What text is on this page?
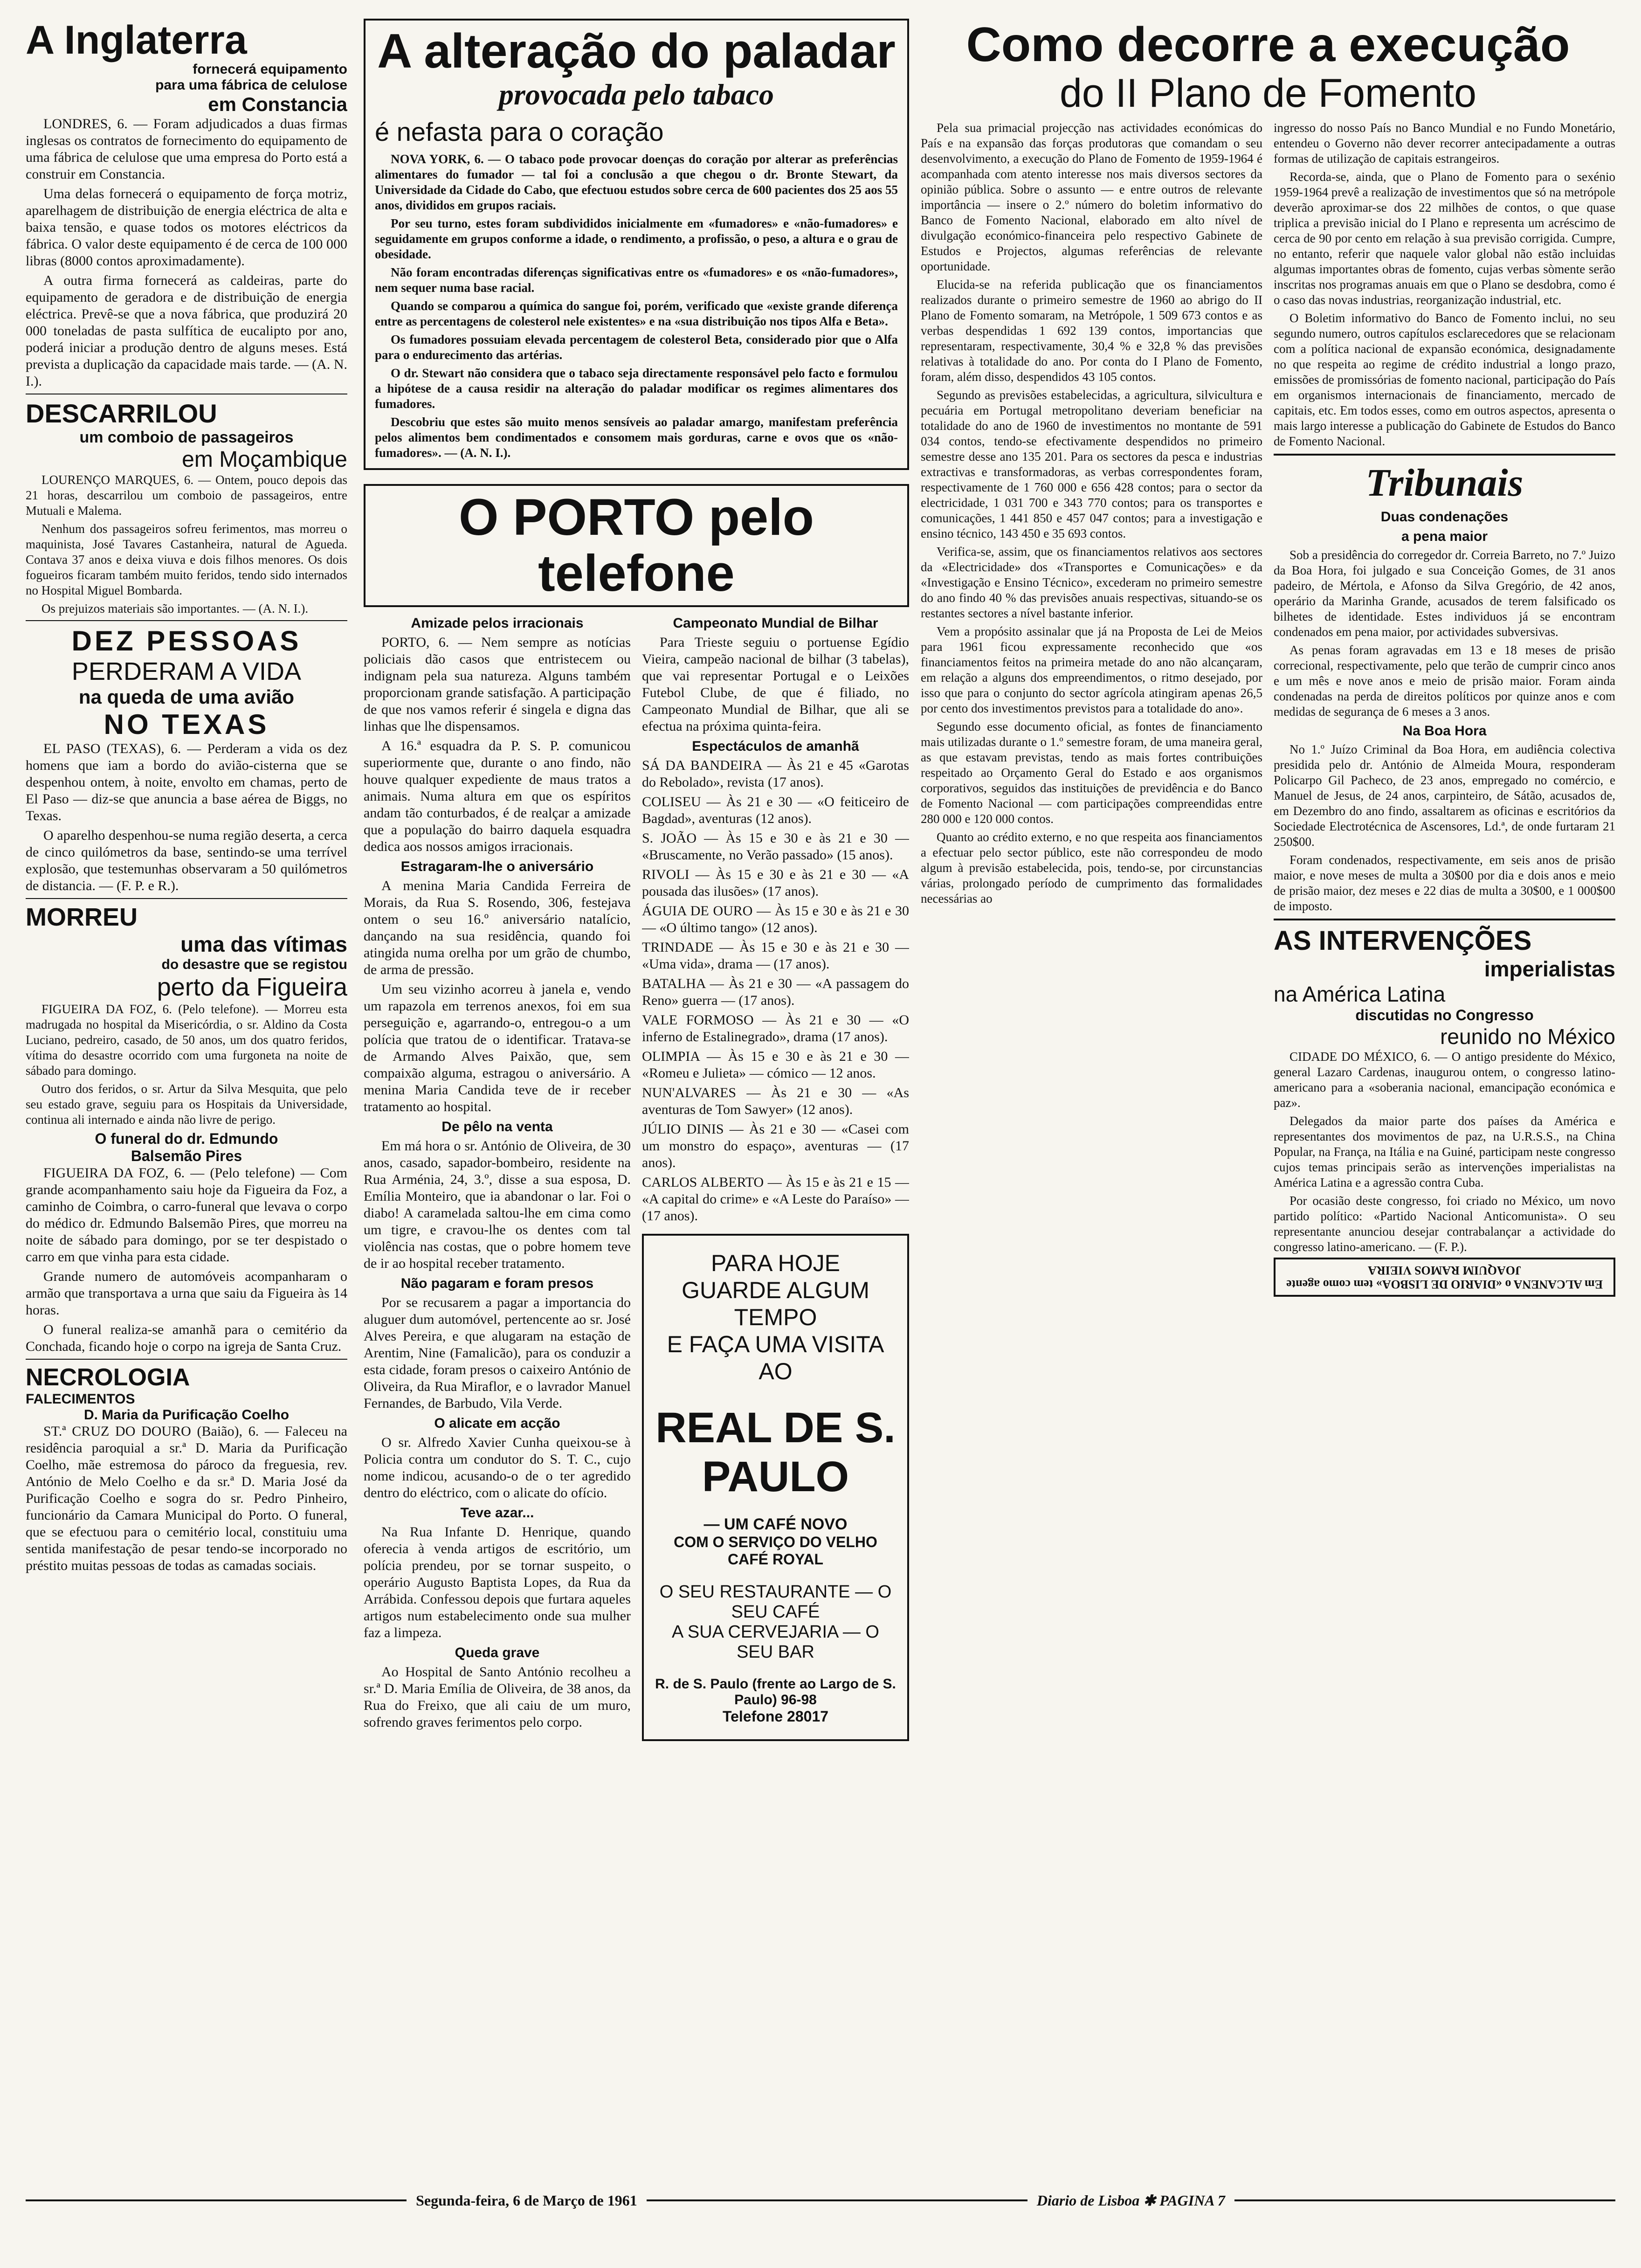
A Inglaterra
fornecerá equipamento
para uma fábrica de celulose
em Constancia

LONDRES, 6. — Foram adjudicados a duas firmas inglesas os contratos de fornecimento do equipamento de uma fábrica de celulose que uma empresa do Porto está a construir em Constancia.

Uma delas fornecerá o equipamento de força motriz, aparelhagem de distribuição de energia eléctrica de alta e baixa tensão, e quase todos os motores eléctricos da fábrica. O valor deste equipamento é de cerca de 100 000 libras (8000 contos aproximadamente).

A outra firma fornecerá as caldeiras, parte do equipamento de geradora e de distribuição de energia eléctrica. Prevê-se que a nova fábrica, que produzirá 20 000 toneladas de pasta sulfítica de eucalipto por ano, poderá iniciar a produção dentro de alguns meses. Está prevista a duplicação da capacidade mais tarde. — (A. N. I.).

DESCARRILOU
um comboio de passageiros
em Moçambique

LOURENÇO MARQUES, 6. — Ontem, pouco depois das 21 horas, descarrilou um comboio de passageiros, entre Mutuali e Malema.

Nenhum dos passageiros sofreu ferimentos, mas morreu o maquinista, José Tavares Castanheira, natural de Agueda. Contava 37 anos e deixa viuva e dois filhos menores. Os dois fogueiros ficaram também muito feridos, tendo sido internados no Hospital Miguel Bombarda.

Os prejuizos materiais são importantes. — (A. N. I.).

DEZ PESSOAS
PERDERAM A VIDA
na queda de uma avião
NO TEXAS

EL PASO (TEXAS), 6. — Perderam a vida os dez homens que iam a bordo do avião-cisterna que se despenhou ontem, à noite, envolto em chamas, perto de El Paso — diz-se que anuncia a base aérea de Biggs, no Texas.

O aparelho despenhou-se numa região deserta, a cerca de cinco quilómetros da base, sentindo-se uma terrível explosão, que testemunhas observaram a 50 quilómetros de distancia. — (F. P. e R.).

MORREU
uma das vítimas
do desastre que se registou
perto da Figueira

FIGUEIRA DA FOZ, 6. (Pelo telefone). — Morreu esta madrugada no hospital da Misericórdia, o sr. Aldino da Costa Luciano, pedreiro, casado, de 50 anos, um dos quatro feridos, vítima do desastre ocorrido com uma furgoneta na noite de sábado para domingo.

Outro dos feridos, o sr. Artur da Silva Mesquita, que pelo seu estado grave, seguiu para os Hospitais da Universidade, continua ali internado e ainda não livre de perigo.

O funeral do dr. Edmundo
Balsemão Pires

FIGUEIRA DA FOZ, 6. — (Pelo telefone) — Com grande acompanhamento saiu hoje da Figueira da Foz, a caminho de Coimbra, o carro-funeral que levava o corpo do médico dr. Edmundo Balsemão Pires, que morreu na noite de sábado para domingo, por se ter despistado o carro em que vinha para esta cidade.

Grande numero de automóveis acompanharam o armão que transportava a urna que saiu da Figueira às 14 horas.

O funeral realiza-se amanhã para o cemitério da Conchada, ficando hoje o corpo na igreja de Santa Cruz.

NECROLOGIA
FALECIMENTOS
D. Maria da Purificação Coelho

ST.ª CRUZ DO DOURO (Baião), 6. — Faleceu na residência paroquial a sr.ª D. Maria da Purificação Coelho, mãe estremosa do pároco da freguesia, rev. António de Melo Coelho e da sr.ª D. Maria José da Purificação Coelho e sogra do sr. Pedro Pinheiro, funcionário da Camara Municipal do Porto. O funeral, que se efectuou para o cemitério local, constituiu uma sentida manifestação de pesar tendo-se incorporado no préstito muitas pessoas de todas as camadas sociais.

A alteração do paladar
provocada pelo tabaco
é nefasta para o coração

NOVA YORK, 6. — O tabaco pode provocar doenças do coração por alterar as preferências alimentares do fumador — tal foi a conclusão a que chegou o dr. Bronte Stewart, da Universidade da Cidade do Cabo, que efectuou estudos sobre cerca de 600 pacientes dos 25 aos 55 anos, divididos em grupos raciais.

Por seu turno, estes foram subdivididos inicialmente em «fumadores» e «não-fumadores» e seguidamente em grupos conforme a idade, o rendimento, a profissão, o peso, a altura e o grau de obesidade.

Não foram encontradas diferenças significativas entre os «fumadores» e os «não-fumadores», nem sequer numa base racial.

Quando se comparou a química do sangue foi, porém, verificado que «existe grande diferença entre as percentagens de colesterol nele existentes» e na «sua distribuição nos tipos Alfa e Beta».

Os fumadores possuiam elevada percentagem de colesterol Beta, considerado pior que o Alfa para o endurecimento das artérias.

O dr. Stewart não considera que o tabaco seja directamente responsável pelo facto e formulou a hipótese de a causa residir na alteração do paladar modificar os regimes alimentares dos fumadores.

Descobriu que estes são muito menos sensíveis ao paladar amargo, manifestam preferência pelos alimentos bem condimentados e consomem mais gorduras, carne e ovos que os «não-fumadores». — (A. N. I.).

O PORTO pelo telefone
Amizade pelos irracionais

PORTO, 6. — Nem sempre as notícias policiais dão casos que entristecem ou indignam pela sua natureza. Alguns também proporcionam grande satisfação. A participação de que nos vamos referir é singela e digna das linhas que lhe dispensamos.

A 16.ª esquadra da P. S. P. comunicou superiormente que, durante o ano findo, não houve qualquer expediente de maus tratos a animais. Numa altura em que os espíritos andam tão conturbados, é de realçar a amizade que a população do bairro daquela esquadra dedica aos nossos amigos irracionais.

Estragaram-lhe o aniversário

A menina Maria Candida Ferreira de Morais, da Rua S. Rosendo, 306, festejava ontem o seu 16.º aniversário natalício, dançando na sua residência, quando foi atingida numa orelha por um grão de chumbo, de arma de pressão.

Um seu vizinho acorreu à janela e, vendo um rapazola em terrenos anexos, foi em sua perseguição e, agarrando-o, entregou-o a um polícia que tratou de o identificar. Tratava-se de Armando Alves Paixão, que, sem compaixão alguma, estragou o aniversário. A menina Maria Candida teve de ir receber tratamento ao hospital.

De pêlo na venta

Em má hora o sr. António de Oliveira, de 30 anos, casado, sapador-bombeiro, residente na Rua Arménia, 24, 3.º, disse a sua esposa, D. Emília Monteiro, que ia abandonar o lar. Foi o diabo! A caramelada saltou-lhe em cima como um tigre, e cravou-lhe os dentes com tal violência nas costas, que o pobre homem teve de ir ao hospital receber tratamento.

Não pagaram e foram presos

Por se recusarem a pagar a importancia do aluguer dum automóvel, pertencente ao sr. José Alves Pereira, e que alugaram na estação de Arentim, Nine (Famalicão), para os conduzir a esta cidade, foram presos o caixeiro António de Oliveira, da Rua Miraflor, e o lavrador Manuel Fernandes, de Barbudo, Vila Verde.

O alicate em acção

O sr. Alfredo Xavier Cunha queixou-se à Policia contra um condutor do S. T. C., cujo nome indicou, acusando-o de o ter agredido dentro do eléctrico, com o alicate do ofício.

Teve azar...

Na Rua Infante D. Henrique, quando oferecia à venda artigos de escritório, um polícia prendeu, por se tornar suspeito, o operário Augusto Baptista Lopes, da Rua da Arrábida. Confessou depois que furtara aqueles artigos num estabelecimento onde sua mulher faz a limpeza.

Queda grave

Ao Hospital de Santo António recolheu a sr.ª D. Maria Emília de Oliveira, de 38 anos, da Rua do Freixo, que ali caiu de um muro, sofrendo graves ferimentos pelo corpo.

Campeonato Mundial de Bilhar

Para Trieste seguiu o portuense Egídio Vieira, campeão nacional de bilhar (3 tabelas), que vai representar Portugal e o Leixões Futebol Clube, de que é filiado, no Campeonato Mundial de Bilhar, que ali se efectua na próxima quinta-feira.

Espectáculos de amanhã

SÁ DA BANDEIRA — Às 21 e 45 «Garotas do Rebolado», revista (17 anos).

COLISEU — Às 21 e 30 — «O feiticeiro de Bagdad», aventuras (12 anos).

S. JOÃO — Às 15 e 30 e às 21 e 30 — «Bruscamente, no Verão passado» (15 anos).

RIVOLI — Às 15 e 30 e às 21 e 30 — «A pousada das ilusões» (17 anos).

ÁGUIA DE OURO — Às 15 e 30 e às 21 e 30 — «O último tango» (12 anos).

TRINDADE — Às 15 e 30 e às 21 e 30 — «Uma vida», drama — (17 anos).

BATALHA — Às 21 e 30 — «A passagem do Reno» guerra — (17 anos).

VALE FORMOSO — Às 21 e 30 — «O inferno de Estalinegrado», drama (17 anos).

OLIMPIA — Às 15 e 30 e às 21 e 30 — «Romeu e Julieta» — cómico — 12 anos.

NUN'ALVARES — Às 21 e 30 — «As aventuras de Tom Sawyer» (12 anos).

JÚLIO DINIS — Às 21 e 30 — «Casei com um monstro do espaço», aventuras — (17 anos).

CARLOS ALBERTO — Às 15 e às 21 e 15 — «A capital do crime» e «A Leste do Paraíso» — (17 anos).

PARA HOJE
GUARDE ALGUM TEMPO
E FAÇA UMA VISITA AO
REAL DE S. PAULO
— UM CAFÉ NOVO
COM O SERVIÇO DO VELHO CAFÉ ROYAL
O SEU RESTAURANTE — O SEU CAFÉ
A SUA CERVEJARIA — O SEU BAR
R. de S. Paulo (frente ao Largo de S. Paulo) 96-98
Telefone 28017
Como decorre a execução
do II Plano de Fomento

Pela sua primacial projecção nas actividades económicas do País e na expansão das forças produtoras que comandam o seu desenvolvimento, a execução do Plano de Fomento de 1959-1964 é acompanhada com atento interesse nos mais diversos sectores da opinião pública. Sobre o assunto — e entre outros de relevante importância — insere o 2.º número do boletim informativo do Banco de Fomento Nacional, elaborado em alto nível de divulgação económico-financeira pelo respectivo Gabinete de Estudos e Projectos, algumas referências de relevante oportunidade.

Elucida-se na referida publicação que os financiamentos realizados durante o primeiro semestre de 1960 ao abrigo do II Plano de Fomento somaram, na Metrópole, 1 509 673 contos e as verbas despendidas 1 692 139 contos, importancias que representaram, respectivamente, 30,4 % e 32,8 % das previsões relativas à totalidade do ano. Por conta do I Plano de Fomento, foram, além disso, despendidos 43 105 contos.

Segundo as previsões estabelecidas, a agricultura, silvicultura e pecuária em Portugal metropolitano deveriam beneficiar na totalidade do ano de 1960 de investimentos no montante de 591 034 contos, tendo-se efectivamente despendidos no primeiro semestre desse ano 135 201. Para os sectores da pesca e industrias extractivas e transformadoras, as verbas correspondentes foram, respectivamente de 1 760 000 e 656 428 contos; para o sector da electricidade, 1 031 700 e 343 770 contos; para os transportes e comunicações, 1 441 850 e 457 047 contos; para a investigação e ensino técnico, 143 450 e 35 693 contos.

Verifica-se, assim, que os financiamentos relativos aos sectores da «Electricidade» dos «Transportes e Comunicações» e da «Investigação e Ensino Técnico», excederam no primeiro semestre do ano findo 40 % das previsões anuais respectivas, situando-se os restantes sectores a nível bastante inferior.

Vem a propósito assinalar que já na Proposta de Lei de Meios para 1961 ficou expressamente reconhecido que «os financiamentos feitos na primeira metade do ano não alcançaram, em relação a alguns dos empreendimentos, o ritmo desejado, por isso que para o conjunto do sector agrícola atingiram apenas 26,5 por cento dos investimentos previstos para a totalidade do ano».

Segundo esse documento oficial, as fontes de financiamento mais utilizadas durante o 1.º semestre foram, de uma maneira geral, as que estavam previstas, tendo as mais fortes contribuições respeitado ao Orçamento Geral do Estado e aos organismos corporativos, seguidos das instituições de previdência e do Banco de Fomento Nacional — com participações compreendidas entre 280 000 e 120 000 contos.

Quanto ao crédito externo, e no que respeita aos financiamentos a efectuar pelo sector público, este não correspondeu de modo algum à previsão estabelecida, pois, tendo-se, por circunstancias várias, prolongado período de cumprimento das formalidades necessárias ao

ingresso do nosso País no Banco Mundial e no Fundo Monetário, entendeu o Governo não dever recorrer antecipadamente a outras formas de utilização de capitais estrangeiros.

Recorda-se, ainda, que o Plano de Fomento para o sexénio 1959-1964 prevê a realização de investimentos que só na metrópole deverão aproximar-se dos 22 milhões de contos, o que quase triplica a previsão inicial do I Plano e representa um acréscimo de cerca de 90 por cento em relação à sua previsão corrigida. Cumpre, no entanto, referir que naquele valor global não estão incluidas algumas importantes obras de fomento, cujas verbas sòmente serão inscritas nos programas anuais em que o Plano se desdobra, como é o caso das novas industrias, reorganização industrial, etc.

O Boletim informativo do Banco de Fomento inclui, no seu segundo numero, outros capítulos esclarecedores que se relacionam com a política nacional de expansão económica, designadamente no que respeita ao regime de crédito industrial a longo prazo, emissões de promissórias de fomento nacional, participação do País em organismos internacionais de financiamento, mercado de capitais, etc. Em todos esses, como em outros aspectos, apresenta o mais largo interesse a publicação do Gabinete de Estudos do Banco de Fomento Nacional.

Tribunais
Duas condenações
a pena maior

Sob a presidência do corregedor dr. Correia Barreto, no 7.º Juizo da Boa Hora, foi julgado e sua Conceição Gomes, de 31 anos padeiro, de Mértola, e Afonso da Silva Gregório, de 42 anos, operário da Marinha Grande, acusados de terem falsificado os bilhetes de identidade. Estes individuos já se encontram condenados em pena maior, por actividades subversivas.

As penas foram agravadas em 13 e 18 meses de prisão correcional, respectivamente, pelo que terão de cumprir cinco anos e um mês e nove anos e meio de prisão maior. Foram ainda condenadas na perda de direitos políticos por quinze anos e com medidas de segurança de 6 meses a 3 anos.

Na Boa Hora

No 1.º Juízo Criminal da Boa Hora, em audiência colectiva presidida pelo dr. António de Almeida Moura, responderam Policarpo Gil Pacheco, de 23 anos, empregado no comércio, e Manuel de Jesus, de 24 anos, carpinteiro, de Sátão, acusados de, em Dezembro do ano findo, assaltarem as oficinas e escritórios da Sociedade Electrotécnica de Ascensores, Ld.ª, de onde furtaram 21 250$00.

Foram condenados, respectivamente, em seis anos de prisão maior, e nove meses de multa a 30$00 por dia e dois anos e meio de prisão maior, dez meses e 22 dias de multa a 30$00, e 1 000$00 de imposto.

AS INTERVENÇÕES
imperialistas
na América Latina
discutidas no Congresso
reunido no México

CIDADE DO MÉXICO, 6. — O antigo presidente do México, general Lazaro Cardenas, inaugurou ontem, o congresso latino-americano para a «soberania nacional, emancipação económica e paz».

Delegados da maior parte dos países da América e representantes dos movimentos de paz, na U.R.S.S., na China Popular, na França, na Itália e na Guiné, participam neste congresso cujos temas principais serão as intervenções imperialistas na América Latina e a agressão contra Cuba.

Por ocasião deste congresso, foi criado no México, um novo partido político: «Partido Nacional Anticomunista». O seu representante anunciou desejar contrabalançar a actividade do congresso latino-americano. — (F. P.).

Em ALCANENA o «DIARIO DE LISBOA» tem como agente JOAQUIM RAMOS VIEIRA
Segunda-feira, 6 de Março de 1961	Diario de Lisboa ✱ PAGINA 7
